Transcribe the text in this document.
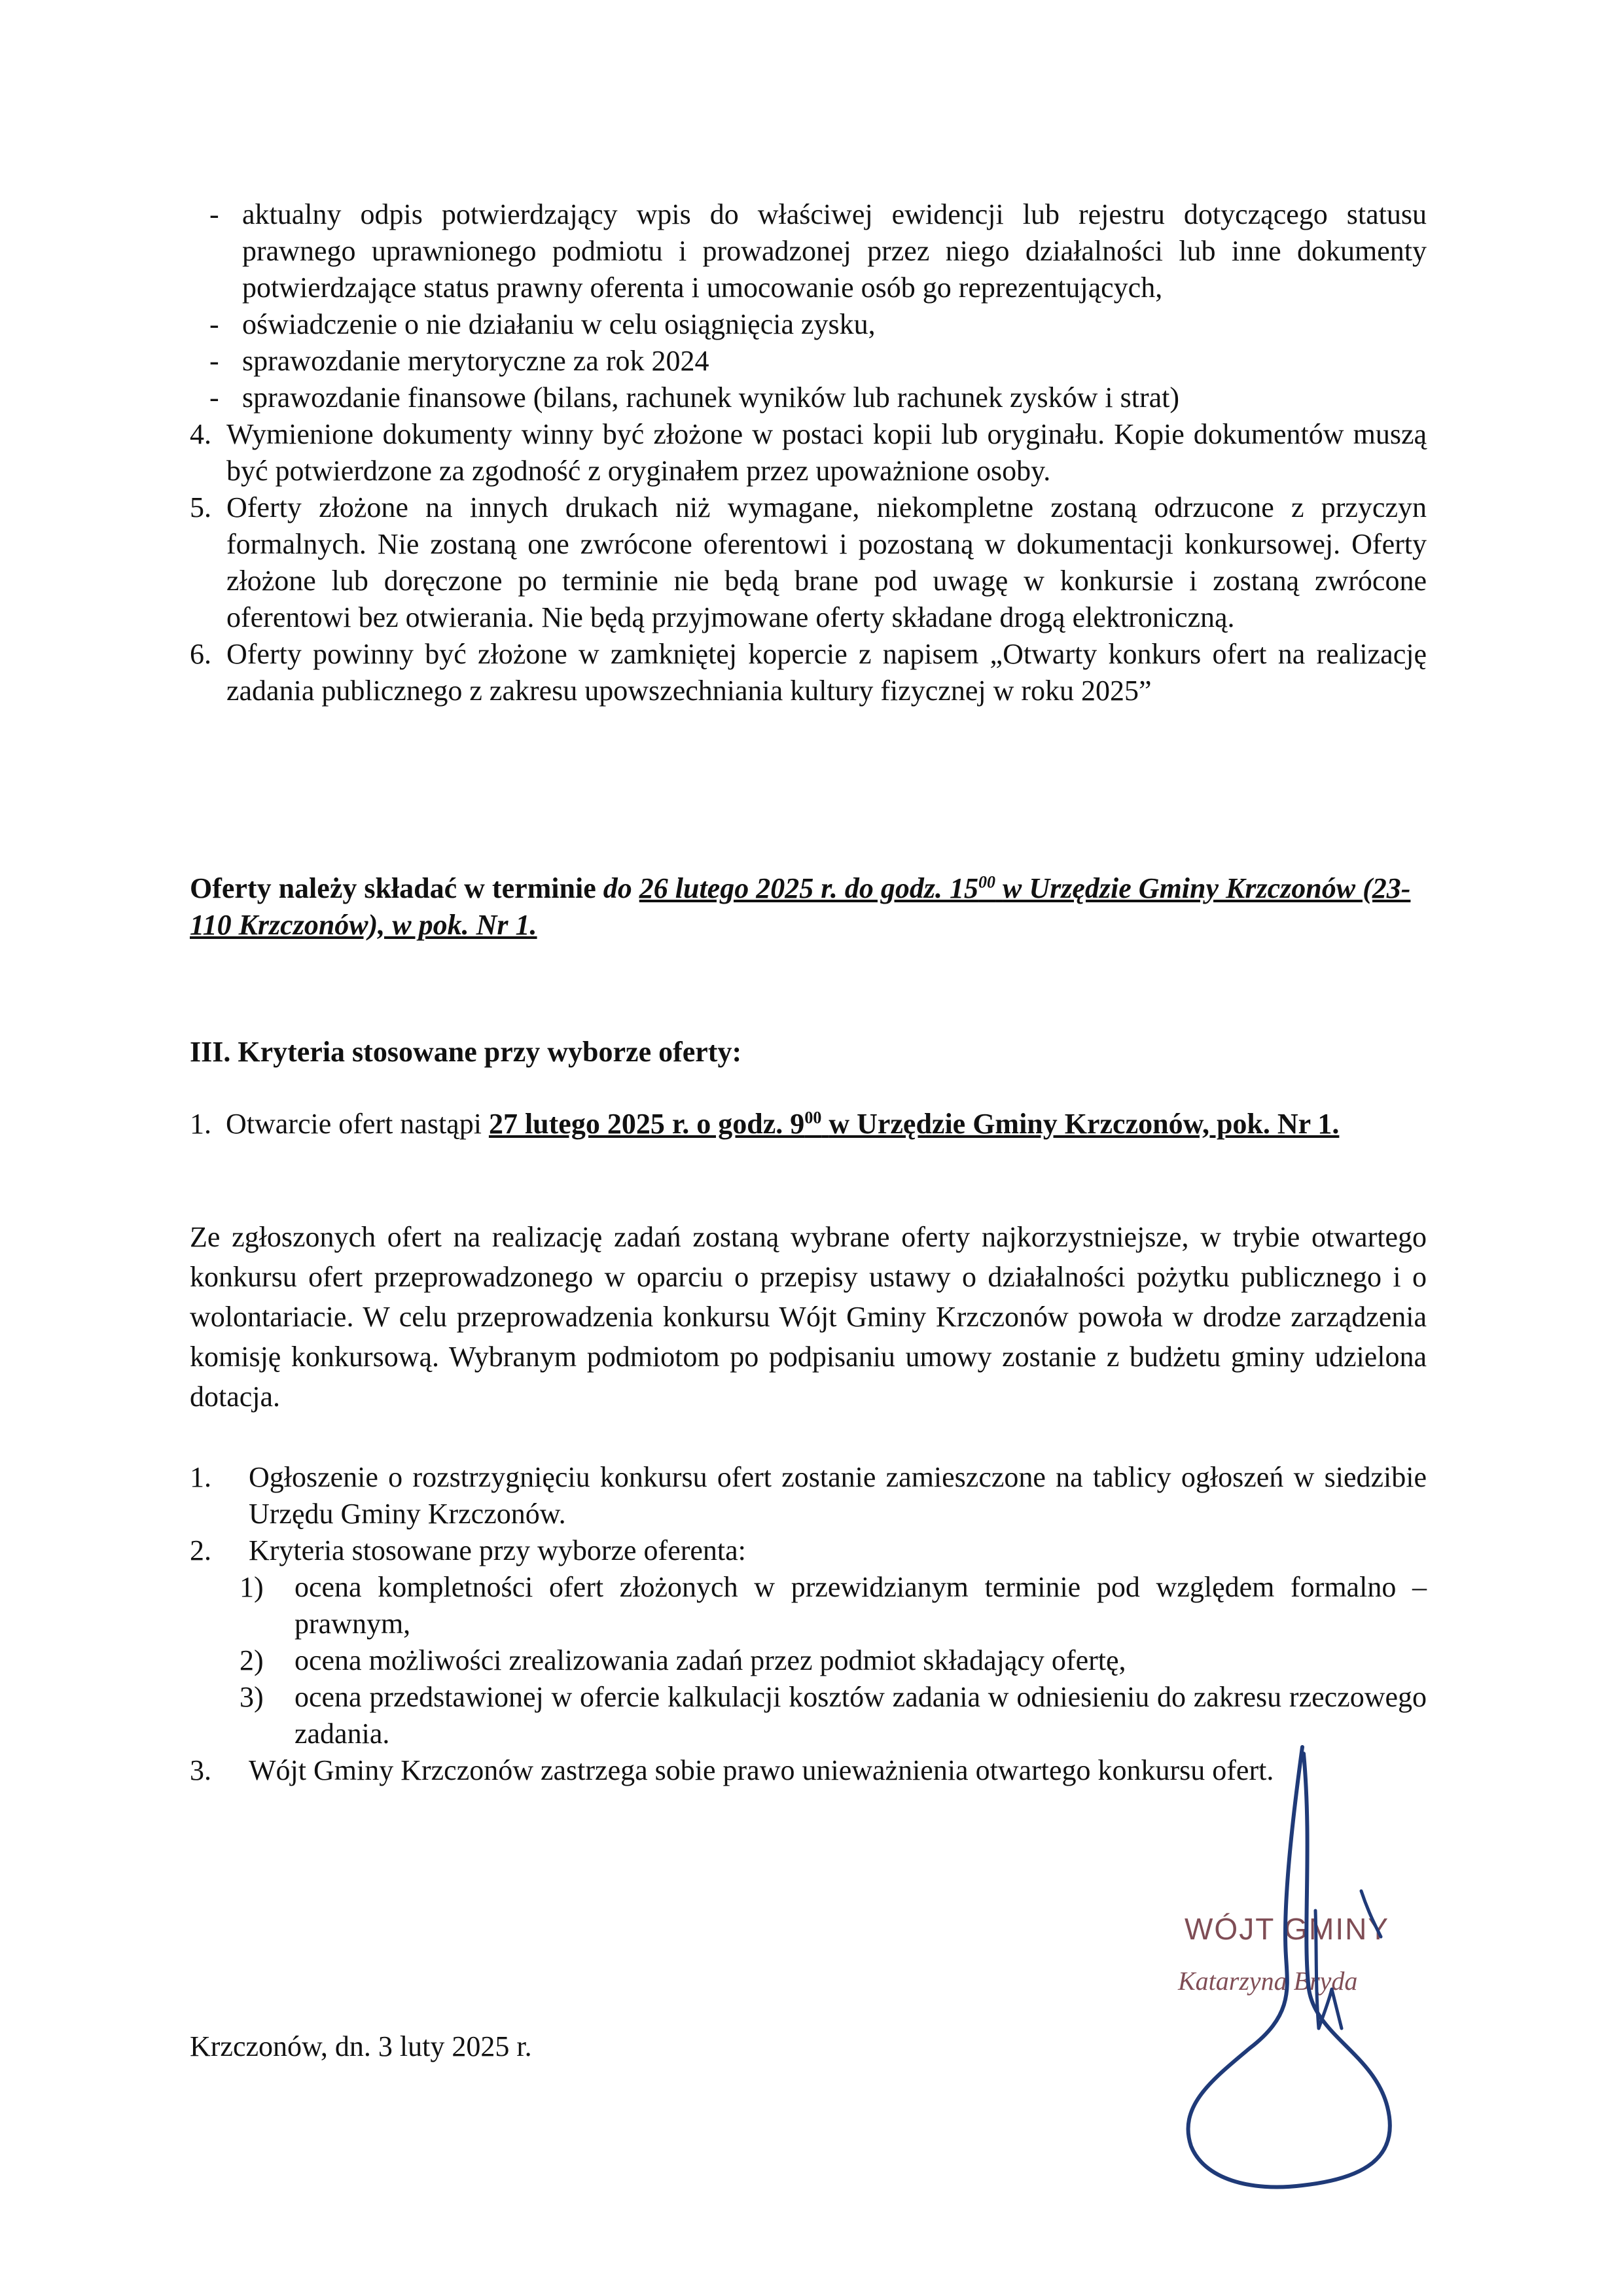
- aktualny odpis potwierdzający wpis do właściwej ewidencji lub rejestru dotyczącego statusu prawnego uprawnionego podmiotu i prowadzonej przez niego działalności lub inne dokumenty potwierdzające status prawny oferenta i umocowanie osób go reprezentujących,
- oświadczenie o nie działaniu w celu osiągnięcia zysku,
- sprawozdanie merytoryczne za rok 2024
- sprawozdanie finansowe (bilans, rachunek wyników lub rachunek zysków i strat)
4. Wymienione dokumenty winny być złożone w postaci kopii lub oryginału. Kopie dokumentów muszą być potwierdzone za zgodność z oryginałem przez upoważnione osoby.
5. Oferty złożone na innych drukach niż wymagane, niekompletne zostaną odrzucone z przyczyn formalnych. Nie zostaną one zwrócone oferentowi i pozostaną w dokumentacji konkursowej. Oferty złożone lub doręczone po terminie nie będą brane pod uwagę w konkursie i zostaną zwrócone oferentowi bez otwierania. Nie będą przyjmowane oferty składane drogą elektroniczną.
6. Oferty powinny być złożone w zamkniętej kopercie z napisem „Otwarty konkurs ofert na realizację zadania publicznego z zakresu upowszechniania kultury fizycznej w roku 2025”
Oferty należy składać w terminie do 26 lutego 2025 r. do godz. $15^{00}$ w Urzędzie Gminy Krzczonów (23-110 Krzczonów), w pok. Nr 1.
III. Kryteria stosowane przy wyborze oferty:
1. Otwarcie ofert nastąpi 27 lutego 2025 r. o godz. $9^{00}$ w Urzędzie Gminy Krzczonów, pok. Nr 1.
Ze zgłoszonych ofert na realizację zadań zostaną wybrane oferty najkorzystniejsze, w trybie otwartego konkursu ofert przeprowadzonego w oparciu o przepisy ustawy o działalności pożytku publicznego i o wolontariacie. W celu przeprowadzenia konkursu Wójt Gminy Krzczonów powoła w drodze zarządzenia komisję konkursową. Wybranym podmiotom po podpisaniu umowy zostanie z budżetu gminy udzielona dotacja.
1. Ogłoszenie o rozstrzygnięciu konkursu ofert zostanie zamieszczone na tablicy ogłoszeń w siedzibie Urzędu Gminy Krzczonów.
2. Kryteria stosowane przy wyborze oferenta:
1) ocena kompletności ofert złożonych w przewidzianym terminie pod względem formalno – prawnym,
2) ocena możliwości zrealizowania zadań przez podmiot składający ofertę,
3) ocena przedstawionej w ofercie kalkulacji kosztów zadania w odniesieniu do zakresu rzeczowego zadania.
3. Wójt Gminy Krzczonów zastrzega sobie prawo unieważnienia otwartego konkursu ofert.
WÓJT GMINY
Katarzyna Bryda
Krzczonów, dn. 3 luty 2025 r.
